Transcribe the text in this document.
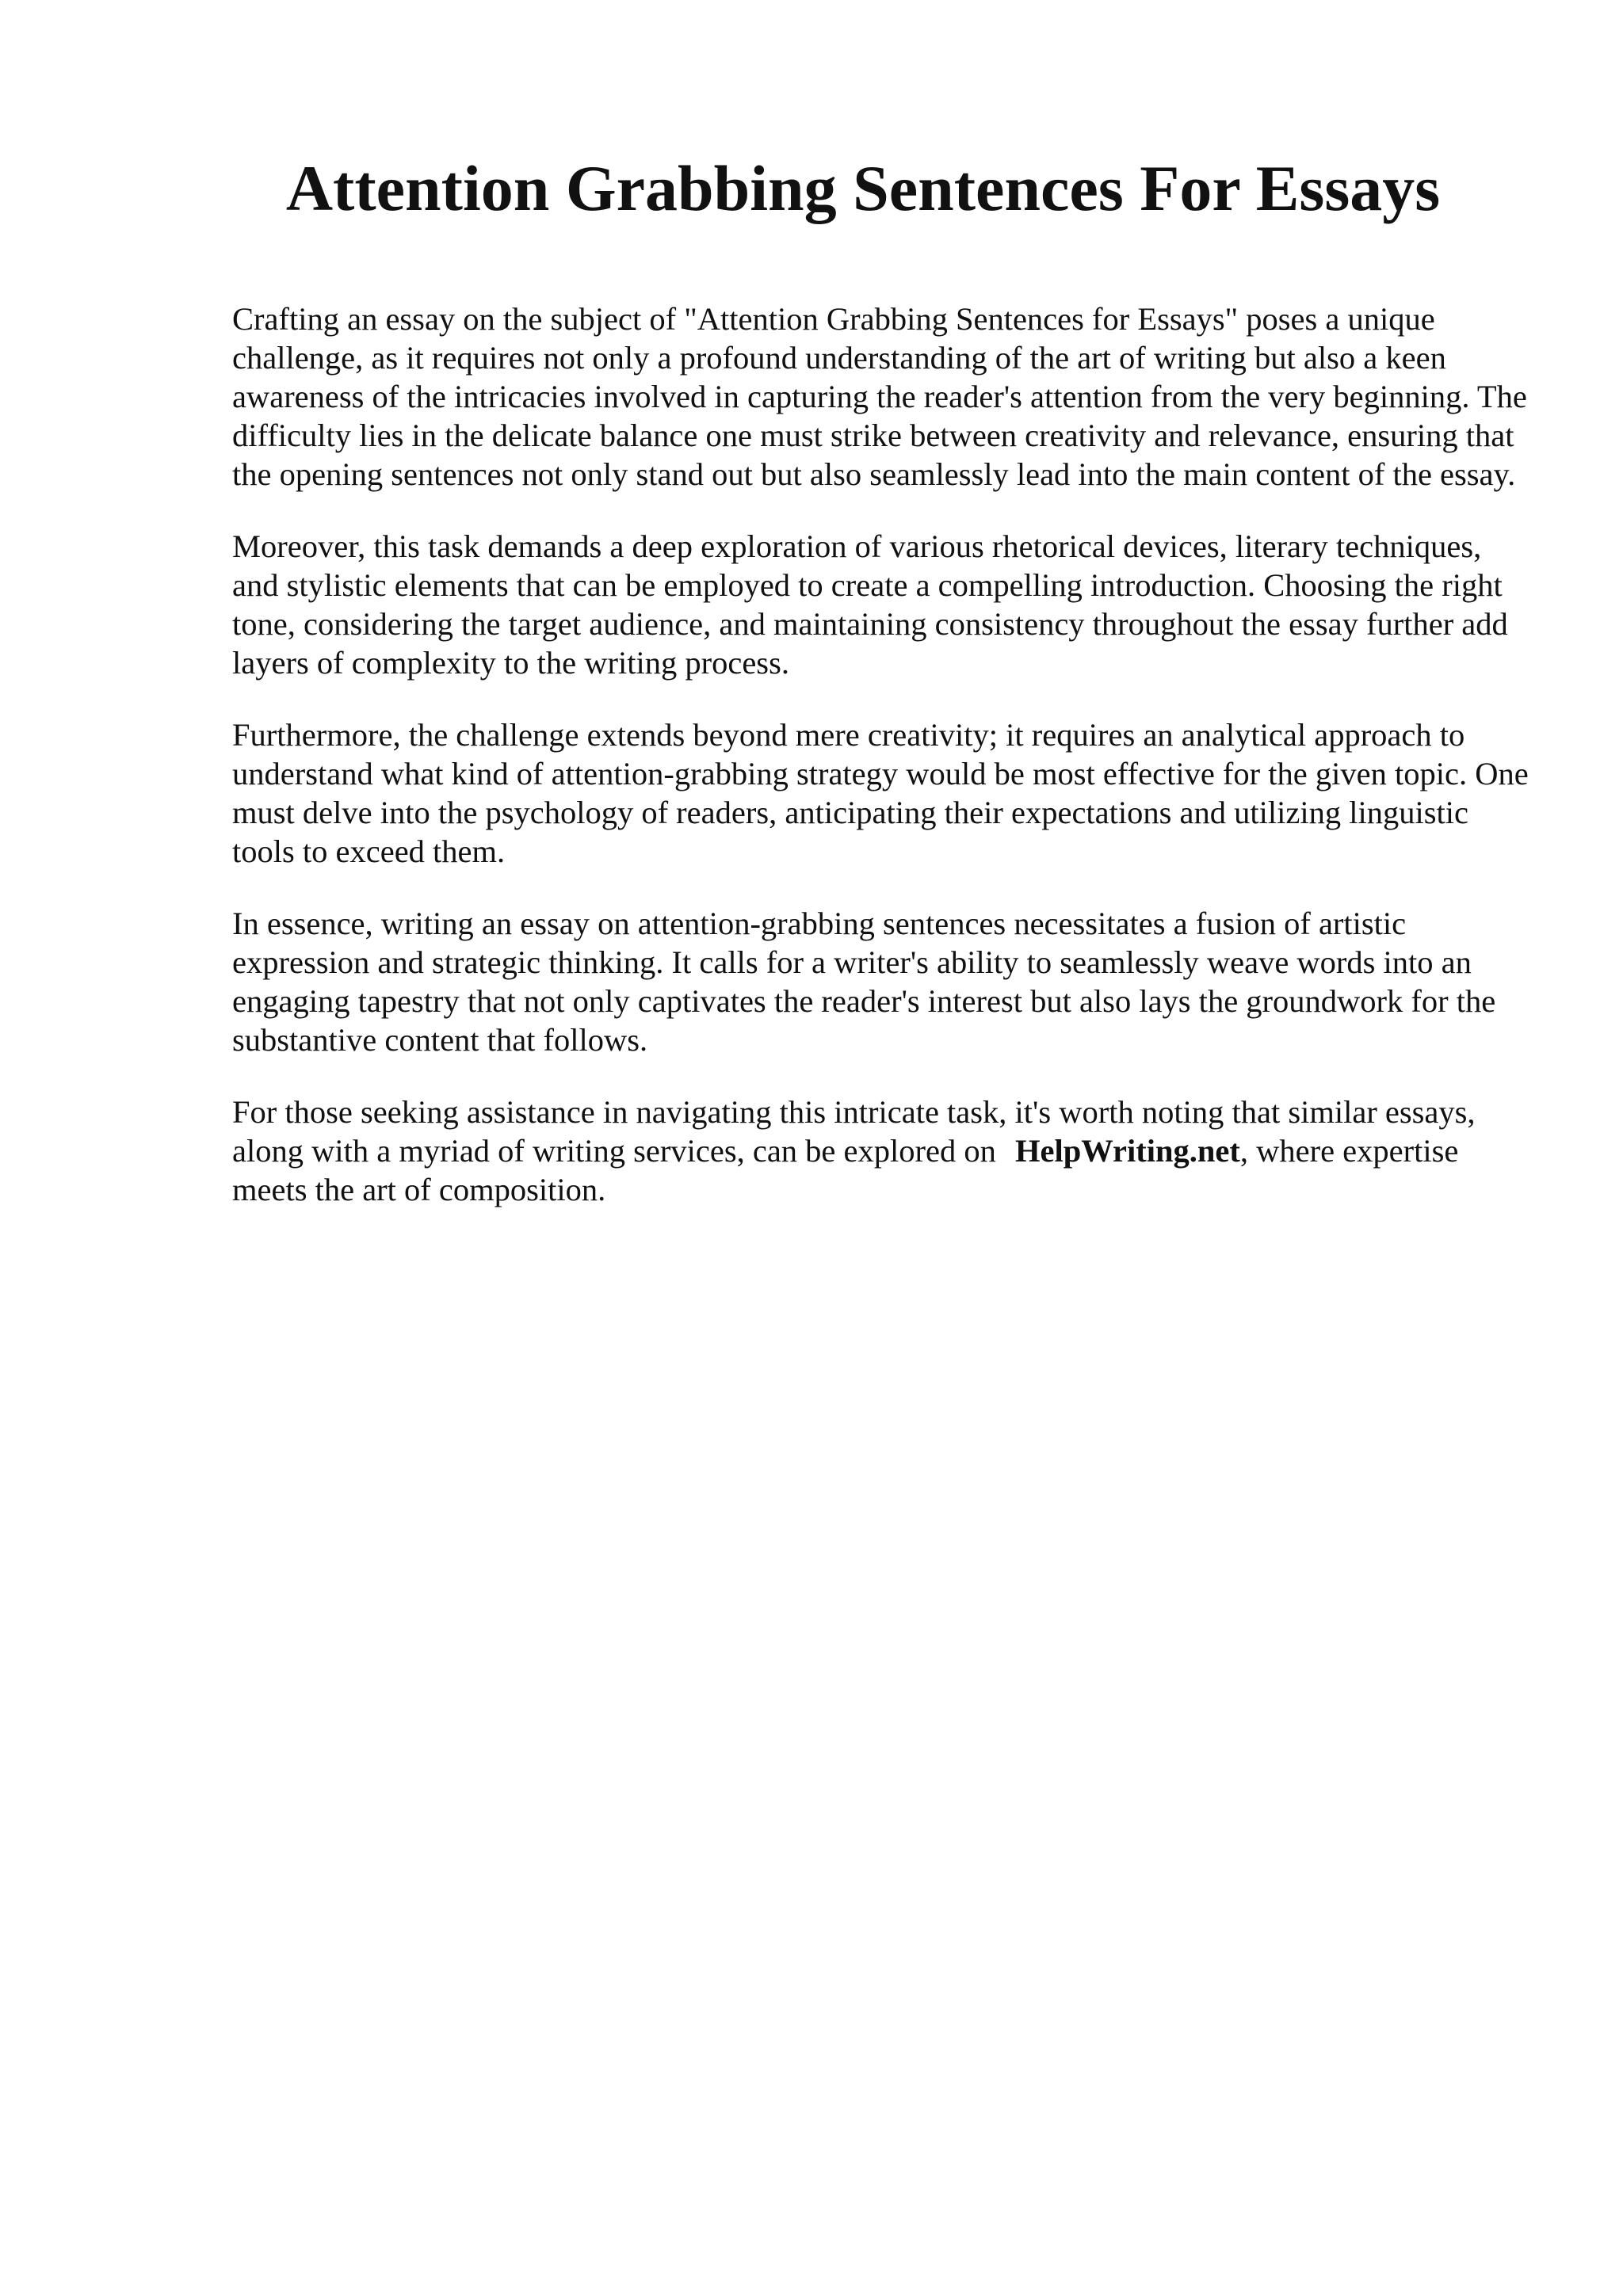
Attention Grabbing Sentences For Essays

Crafting an essay on the subject of "Attention Grabbing Sentences for Essays" poses a unique challenge, as it requires not only a profound understanding of the art of writing but also a keen awareness of the intricacies involved in capturing the reader's attention from the very beginning. The difficulty lies in the delicate balance one must strike between creativity and relevance, ensuring that the opening sentences not only stand out but also seamlessly lead into the main content of the essay.

Moreover, this task demands a deep exploration of various rhetorical devices, literary techniques, and stylistic elements that can be employed to create a compelling introduction. Choosing the right tone, considering the target audience, and maintaining consistency throughout the essay further add layers of complexity to the writing process.

Furthermore, the challenge extends beyond mere creativity; it requires an analytical approach to understand what kind of attention-grabbing strategy would be most effective for the given topic. One must delve into the psychology of readers, anticipating their expectations and utilizing linguistic tools to exceed them.

In essence, writing an essay on attention-grabbing sentences necessitates a fusion of artistic expression and strategic thinking. It calls for a writer's ability to seamlessly weave words into an engaging tapestry that not only captivates the reader's interest but also lays the groundwork for the substantive content that follows.

For those seeking assistance in navigating this intricate task, it's worth noting that similar essays, along with a myriad of writing services, can be explored on HelpWriting.net, where expertise meets the art of composition.
